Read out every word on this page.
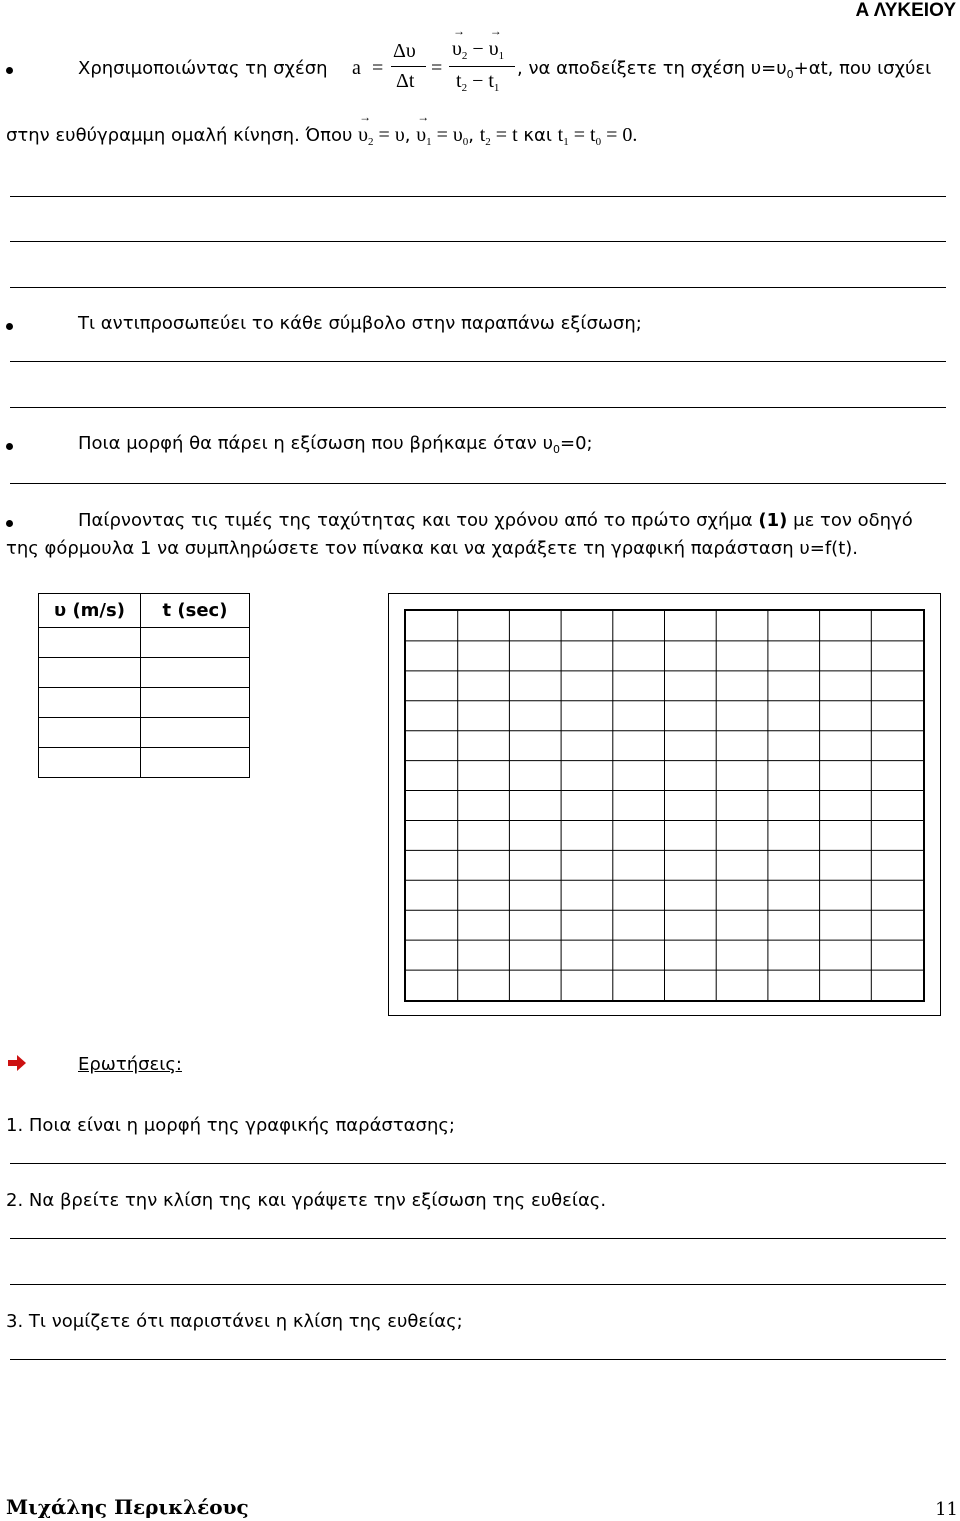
Α ΛΥΚΕΙΟΥ
Χρησιμοποιώντας τη σχέση a =
Δυ
Δt
=
→ $\upsilon_2$ − → $\upsilon_1$
$t_2 - t_1$
, να αποδείξετε τη σχέση $\upsilon=\upsilon_0+\alpha t$, που ισχύει
στην ευθύγραμμη ομαλή κίνηση. $Ό\pi o\upsilon \to \upsilon_2 = \upsilon$, → $\upsilon_1 = \upsilon_0$, $t_2 = t$ και $t_1 = t_0 = 0$.
Τι αντιπροσωπεύει το κάθε σύμβολο στην παραπάνω εξίσωση;
Ποια μορφή θα πάρει η εξίσωση που βρήκαμε όταν $\upsilon_0=0$;
Παίρνοντας τις τιμές της ταχύτητας και του χρόνου από το πρώτο σχήμα (1) με τον οδηγό
της φόρμουλα 1 να συμπληρώσετε τον πίνακα και να χαράξετε τη γραφική παράσταση υ=f(t).
υ (m/s)	t (sec)

Ερωτήσεις:
1. Ποια είναι η μορφή της γραφικής παράστασης;
2. Να βρείτε την κλίση της και γράψετε την εξίσωση της ευθείας.
3. Τι νομίζετε ότι παριστάνει η κλίση της ευθείας;
Μιχάλης Περικλέους	11
